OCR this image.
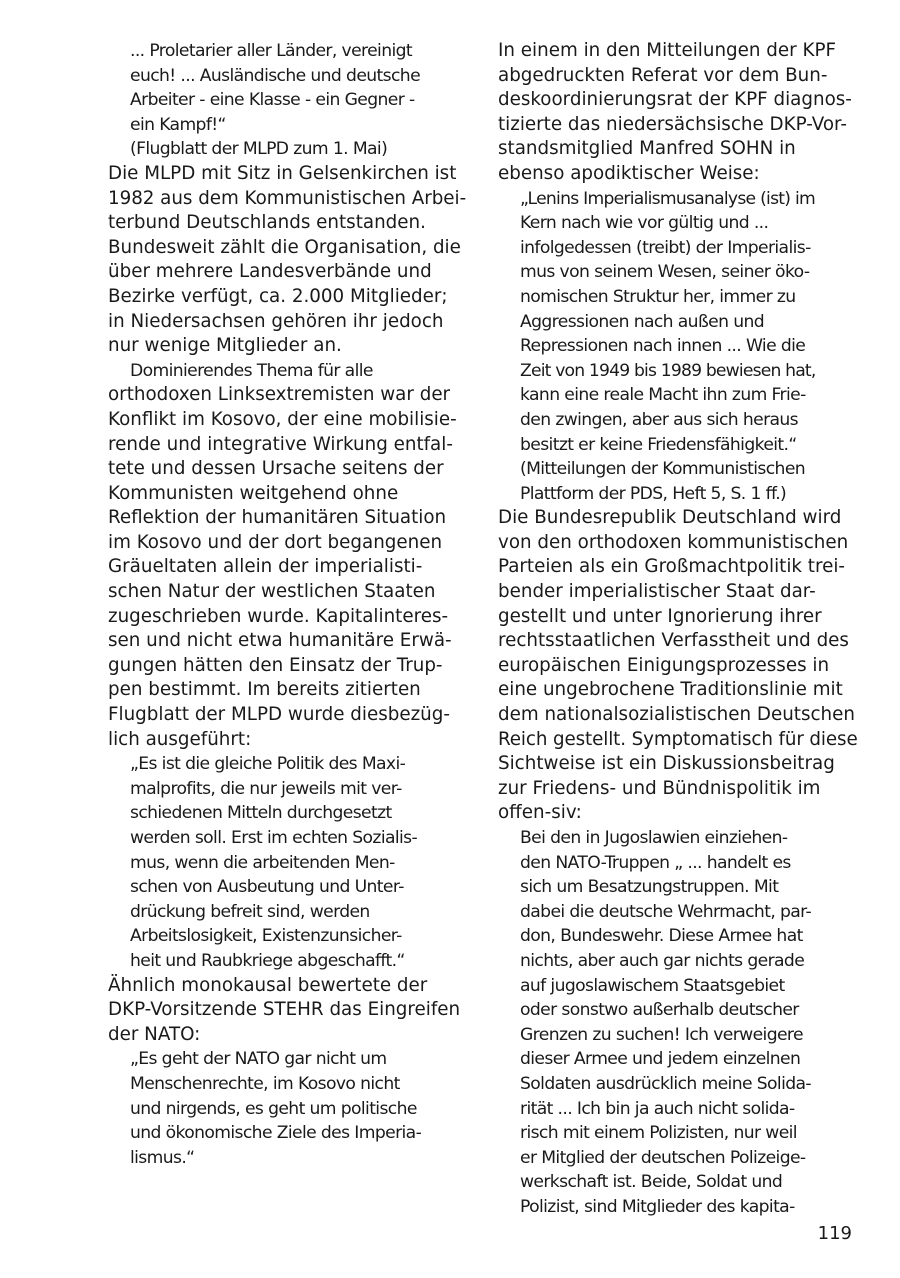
... Proletarier aller Länder, vereinigt
euch! ... Ausländische und deutsche
Arbeiter - eine Klasse - ein Gegner -
ein Kampf!“
(Flugblatt der MLPD zum 1. Mai)
Die MLPD mit Sitz in Gelsenkirchen ist
1982 aus dem Kommunistischen Arbei-
terbund Deutschlands entstanden.
Bundesweit zählt die Organisation, die
über mehrere Landesverbände und
Bezirke verfügt, ca. 2.000 Mitglieder;
in Niedersachsen gehören ihr jedoch
nur wenige Mitglieder an.
Dominierendes Thema für alle
orthodoxen Linksextremisten war der
Konflikt im Kosovo, der eine mobilisie-
rende und integrative Wirkung entfal-
tete und dessen Ursache seitens der
Kommunisten weitgehend ohne
Reflektion der humanitären Situation
im Kosovo und der dort begangenen
Gräueltaten allein der imperialisti-
schen Natur der westlichen Staaten
zugeschrieben wurde. Kapitalinteres-
sen und nicht etwa humanitäre Erwä-
gungen hätten den Einsatz der Trup-
pen bestimmt. Im bereits zitierten
Flugblatt der MLPD wurde diesbezüg-
lich ausgeführt:
„Es ist die gleiche Politik des Maxi-
malprofits, die nur jeweils mit ver-
schiedenen Mitteln durchgesetzt
werden soll. Erst im echten Sozialis-
mus, wenn die arbeitenden Men-
schen von Ausbeutung und Unter-
drückung befreit sind, werden
Arbeitslosigkeit, Existenzunsicher-
heit und Raubkriege abgeschafft.“
Ähnlich monokausal bewertete der
DKP-Vorsitzende STEHR das Eingreifen
der NATO:
„Es geht der NATO gar nicht um
Menschenrechte, im Kosovo nicht
und nirgends, es geht um politische
und ökonomische Ziele des Imperia-
lismus.“
In einem in den Mitteilungen der KPF
abgedruckten Referat vor dem Bun-
deskoordinierungsrat der KPF diagnos-
tizierte das niedersächsische DKP-Vor-
standsmitglied Manfred SOHN in
ebenso apodiktischer Weise:
„Lenins Imperialismusanalyse (ist) im
Kern nach wie vor gültig und ...
infolgedessen (treibt) der Imperialis-
mus von seinem Wesen, seiner öko-
nomischen Struktur her, immer zu
Aggressionen nach außen und
Repressionen nach innen ... Wie die
Zeit von 1949 bis 1989 bewiesen hat,
kann eine reale Macht ihn zum Frie-
den zwingen, aber aus sich heraus
besitzt er keine Friedensfähigkeit.“
(Mitteilungen der Kommunistischen
Plattform der PDS, Heft 5, S. 1 ff.)
Die Bundesrepublik Deutschland wird
von den orthodoxen kommunistischen
Parteien als ein Großmachtpolitik trei-
bender imperialistischer Staat dar-
gestellt und unter Ignorierung ihrer
rechtsstaatlichen Verfasstheit und des
europäischen Einigungsprozesses in
eine ungebrochene Traditionslinie mit
dem nationalsozialistischen Deutschen
Reich gestellt. Symptomatisch für diese
Sichtweise ist ein Diskussionsbeitrag
zur Friedens- und Bündnispolitik im
offen-siv:
Bei den in Jugoslawien einziehen-
den NATO-Truppen „ ... handelt es
sich um Besatzungstruppen. Mit
dabei die deutsche Wehrmacht, par-
don, Bundeswehr. Diese Armee hat
nichts, aber auch gar nichts gerade
auf jugoslawischem Staatsgebiet
oder sonstwo außerhalb deutscher
Grenzen zu suchen! Ich verweigere
dieser Armee und jedem einzelnen
Soldaten ausdrücklich meine Solida-
rität ... Ich bin ja auch nicht solida-
risch mit einem Polizisten, nur weil
er Mitglied der deutschen Polizeige-
werkschaft ist. Beide, Soldat und
Polizist, sind Mitglieder des kapita-
119
